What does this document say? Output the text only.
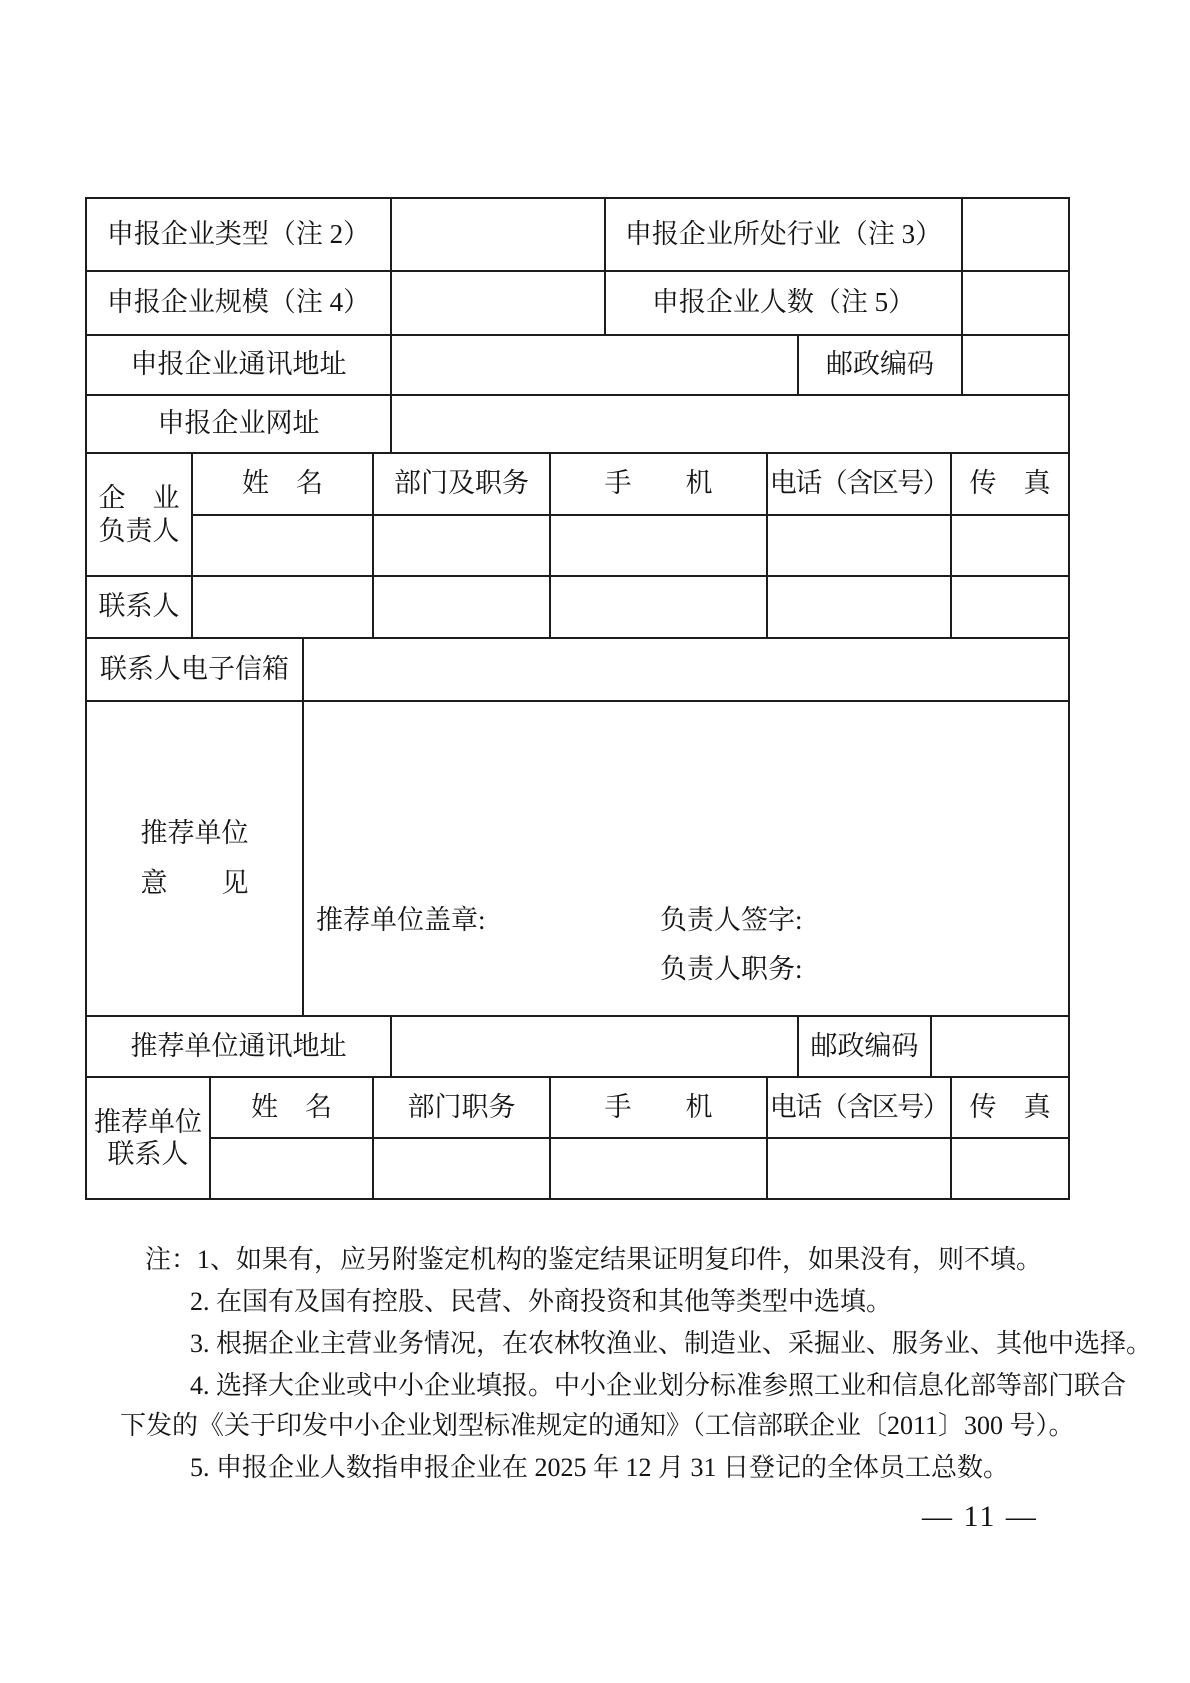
申报企业类型（注 2）							申报企业所处行业（注 3）					
申报企业规模（注 4）							申报企业人数（注 5）					
申报企业通讯地址									邮政编码			
申报企业网址												

企　业
负责人	姓　名			部门及职务		手　　机		电话（含区号）			传　真	

联系人												
联系人电子信箱												

推荐单位
意　　见

推荐单位盖章:	负责人签字:
负责人职务:

推荐单位通讯地址									邮政编码			

推荐单位
联系人		姓　名		部门职务		手　　机		电话（含区号）			传　真	

注：1、如果有，应另附鉴定机构的鉴定结果证明复印件，如果没有，则不填。
2. 在国有及国有控股、民营、外商投资和其他等类型中选填。
3. 根据企业主营业务情况，在农林牧渔业、制造业、采掘业、服务业、其他中选择。
4. 选择大企业或中小企业填报。中小企业划分标准参照工业和信息化部等部门联合下发的《关于印发中小企业划型标准规定的通知》（工信部联企业〔2011〕300 号）。
5. 申报企业人数指申报企业在 2025 年 12 月 31 日登记的全体员工总数。
— 11 —
